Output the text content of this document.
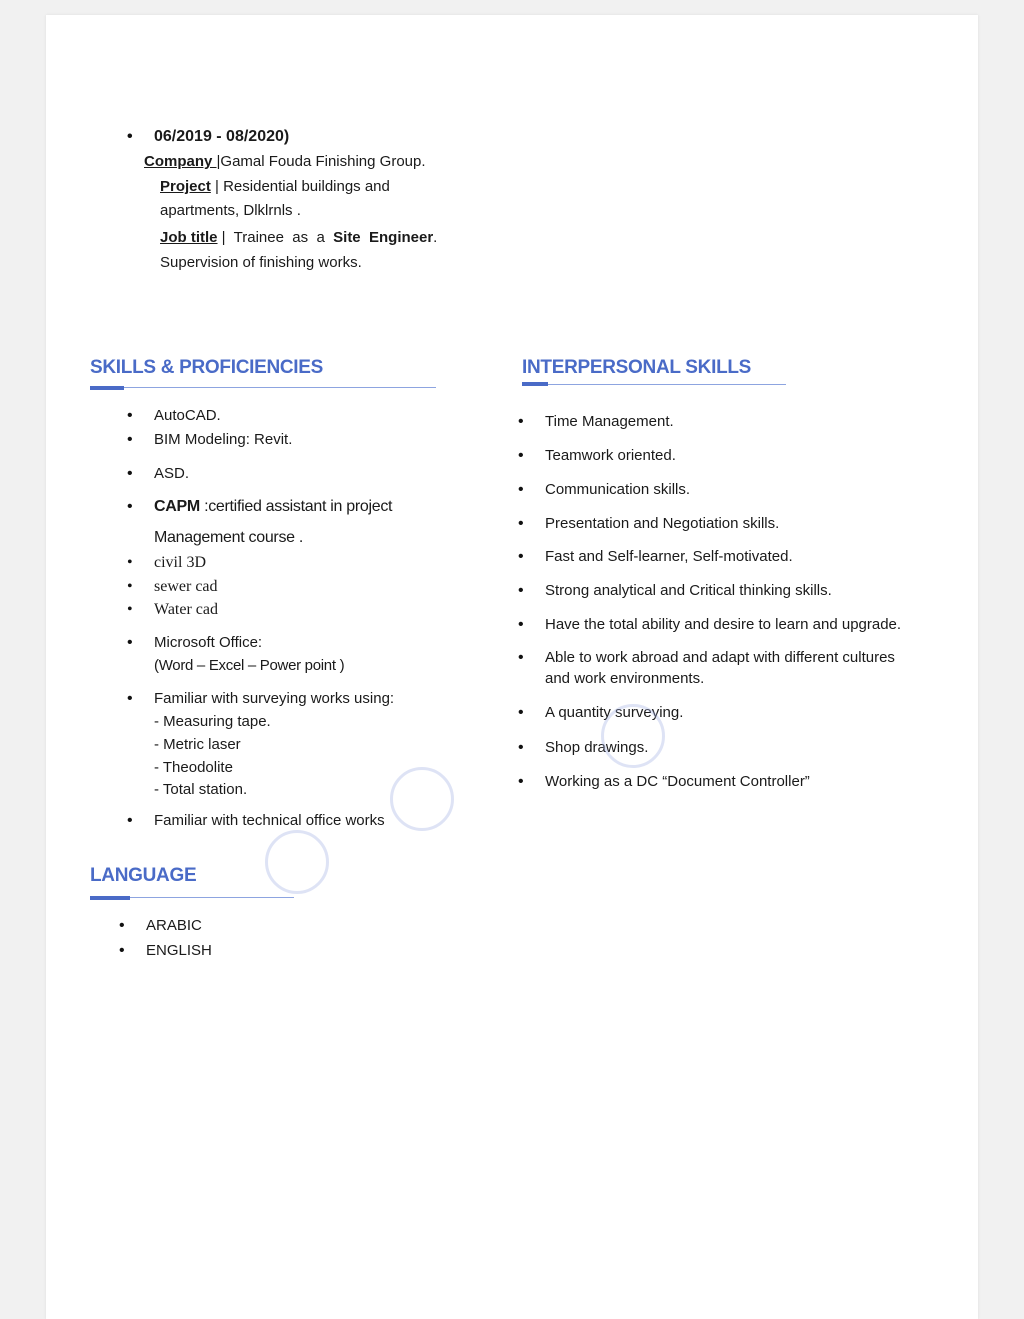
• 06/2019 - 08/2020)
Company |Gamal Fouda Finishing Group.
Project | Residential buildings and
apartments, Dlklrnls .
Job title |  Trainee  as  a  Site  Engineer.
Supervision of finishing works.
SKILLS & PROFICIENCIES
• AutoCAD.
• BIM Modeling: Revit.
• ASD.
• CAPM :certified assistant in project
Management course .
• civil 3D
• sewer cad
• Water cad
• Microsoft Office:
(Word – Excel – Power point )
• Familiar with surveying works using:
- Measuring tape.
- Metric laser
- Theodolite
- Total station.
• Familiar with technical office works
INTERPERSONAL SKILLS
• Time Management.
• Teamwork oriented.
• Communication skills.
• Presentation and Negotiation skills.
• Fast and Self-learner, Self-motivated.
• Strong analytical and Critical thinking skills.
• Have the total ability and desire to learn and upgrade.
• Able to work abroad and adapt with different cultures
and work environments.
• A quantity surveying.
• Shop drawings.
• Working as a DC “Document Controller”
LANGUAGE
• ARABIC
• ENGLISH
